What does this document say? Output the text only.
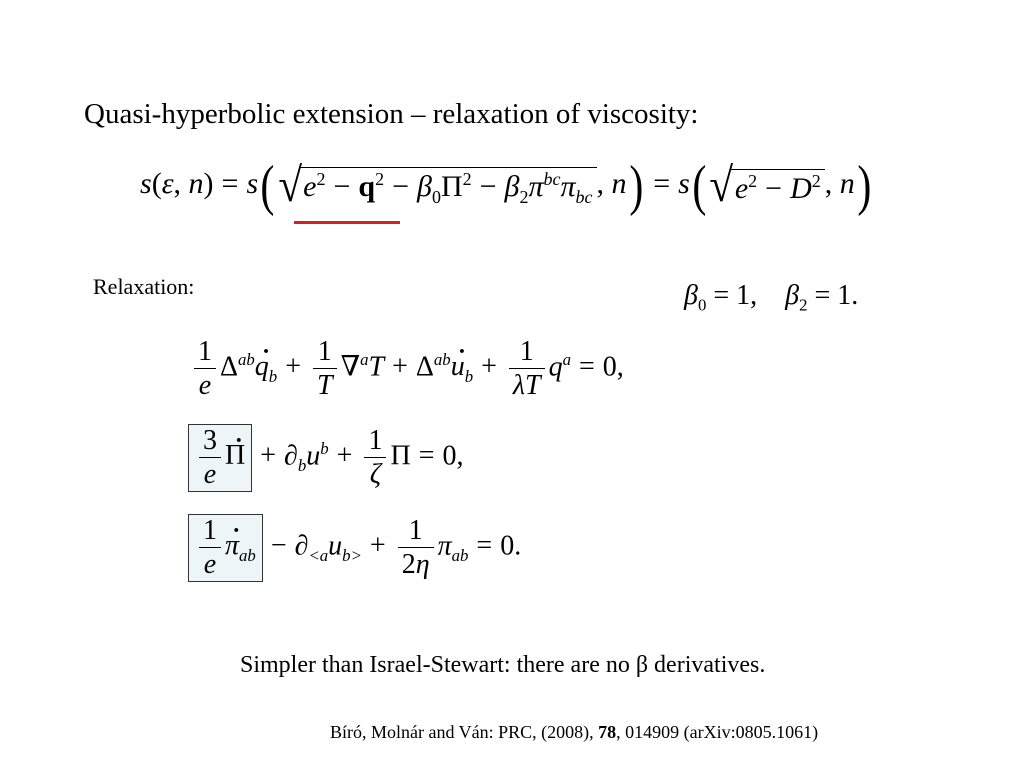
Quasi-hyperbolic extension – relaxation of viscosity:
s(ε, $n) = s(√e^2 - q^2 - \beta_0\Pi^2 - \beta_2\pi^{bc}\pi_{bc}$ , $n) = s(√e^2 - D^2$ , n)
Relaxation:	$\beta_0 = 1$,    $\beta_2 = 1$.
$\frac{1}{e} \Delta^{ab}\cdot q_b + \frac{1}{T} \nabla^aT + \Delta^{ab}\cdot u_b + \frac{1}{\lambda T} q^a = 0$,
$\frac{3}{e}$
· $\Pi + \partial_bu^b + \frac{1}{\zeta}$ Π = 0,
$\frac{1}{e}$
· $\pi_{ab} - \partial_{<a}u_{b>} + \frac{1}{2\eta} \pi_{ab} = 0$.
Simpler than Israel-Stewart: there are no β derivatives.
Bíró, Molnár and Ván: PRC, (2008), 78, 014909 (arXiv:0805.1061)
